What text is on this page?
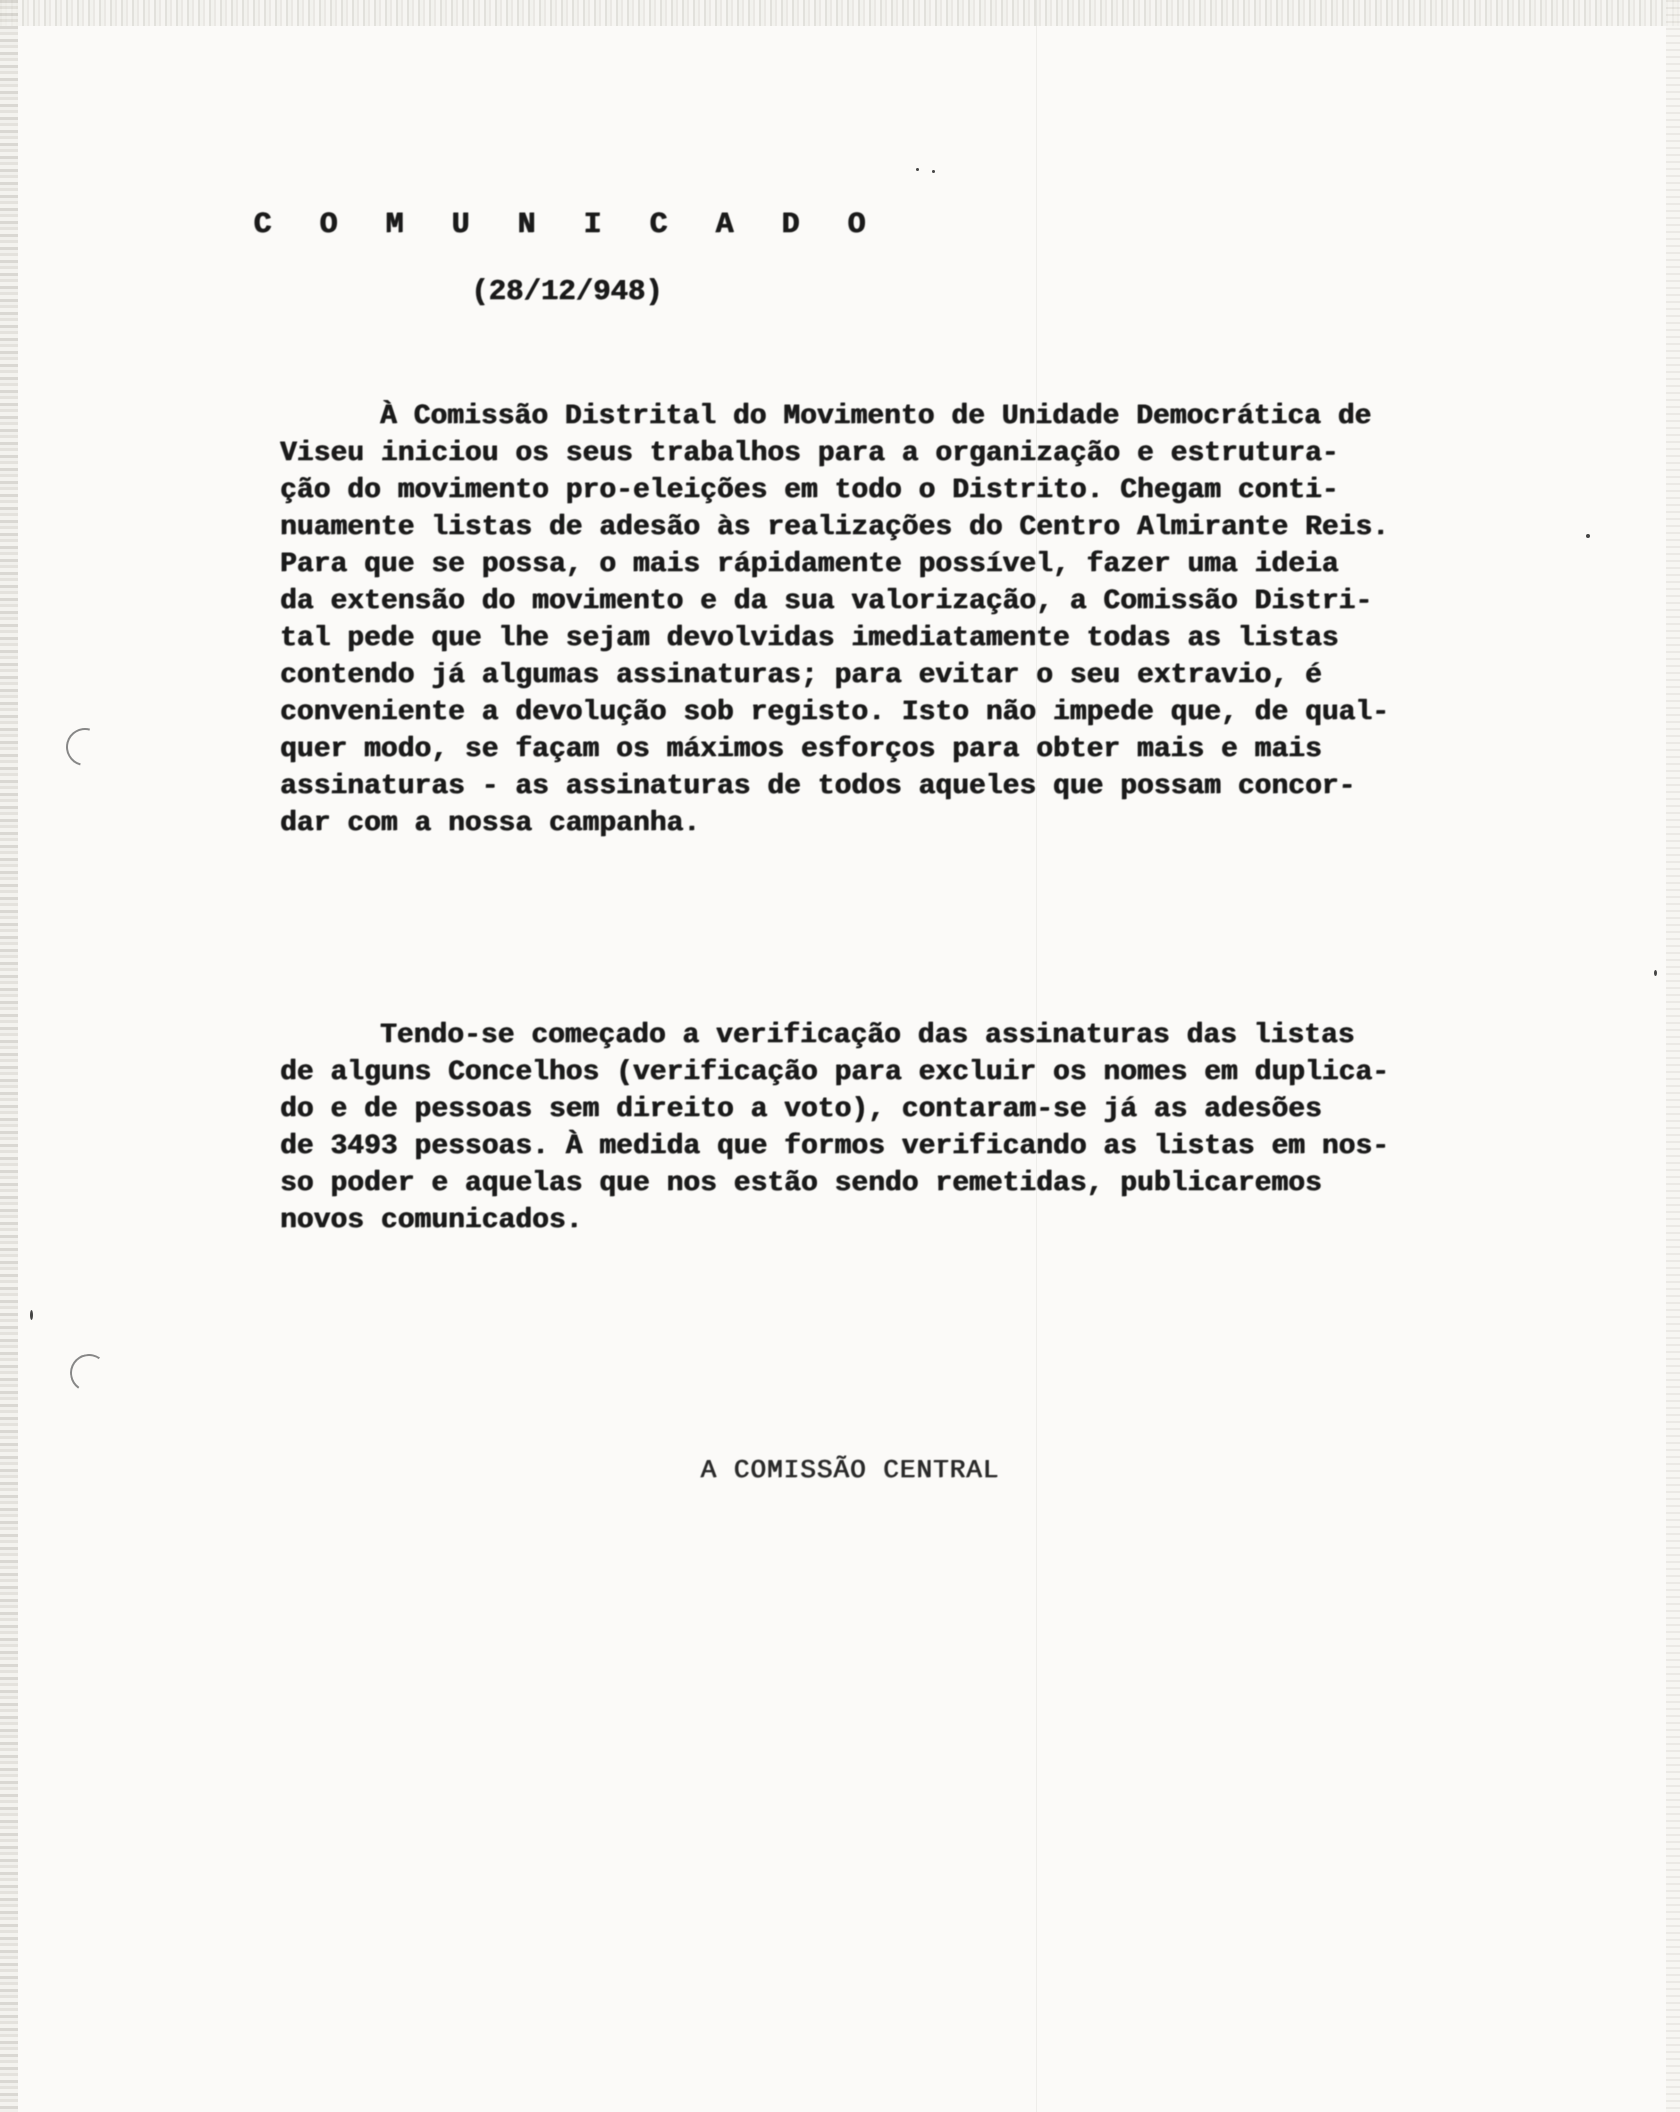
C O M U N I C A D O
(28/12/948)
À Comissão Distrital do Movimento de Unidade Democrática de
Viseu iniciou os seus trabalhos para a organização e estrutura-
ção do movimento pro-eleições em todo o Distrito. Chegam conti-
nuamente listas de adesão às realizações do Centro Almirante Reis.
Para que se possa, o mais rápidamente possível, fazer uma ideia
da extensão do movimento e da sua valorização, a Comissão Distri-
tal pede que lhe sejam devolvidas imediatamente todas as listas
contendo já algumas assinaturas; para evitar o seu extravio, é
conveniente a devolução sob registo. Isto não impede que, de qual-
quer modo, se façam os máximos esforços para obter mais e mais
assinaturas - as assinaturas de todos aqueles que possam concor-
dar com a nossa campanha.
Tendo-se começado a verificação das assinaturas das listas
de alguns Concelhos (verificação para excluir os nomes em duplica-
do e de pessoas sem direito a voto), contaram-se já as adesões
de 3493 pessoas. À medida que formos verificando as listas em nos-
so poder e aquelas que nos estão sendo remetidas, publicaremos
novos comunicados.
A COMISSÃO CENTRAL
